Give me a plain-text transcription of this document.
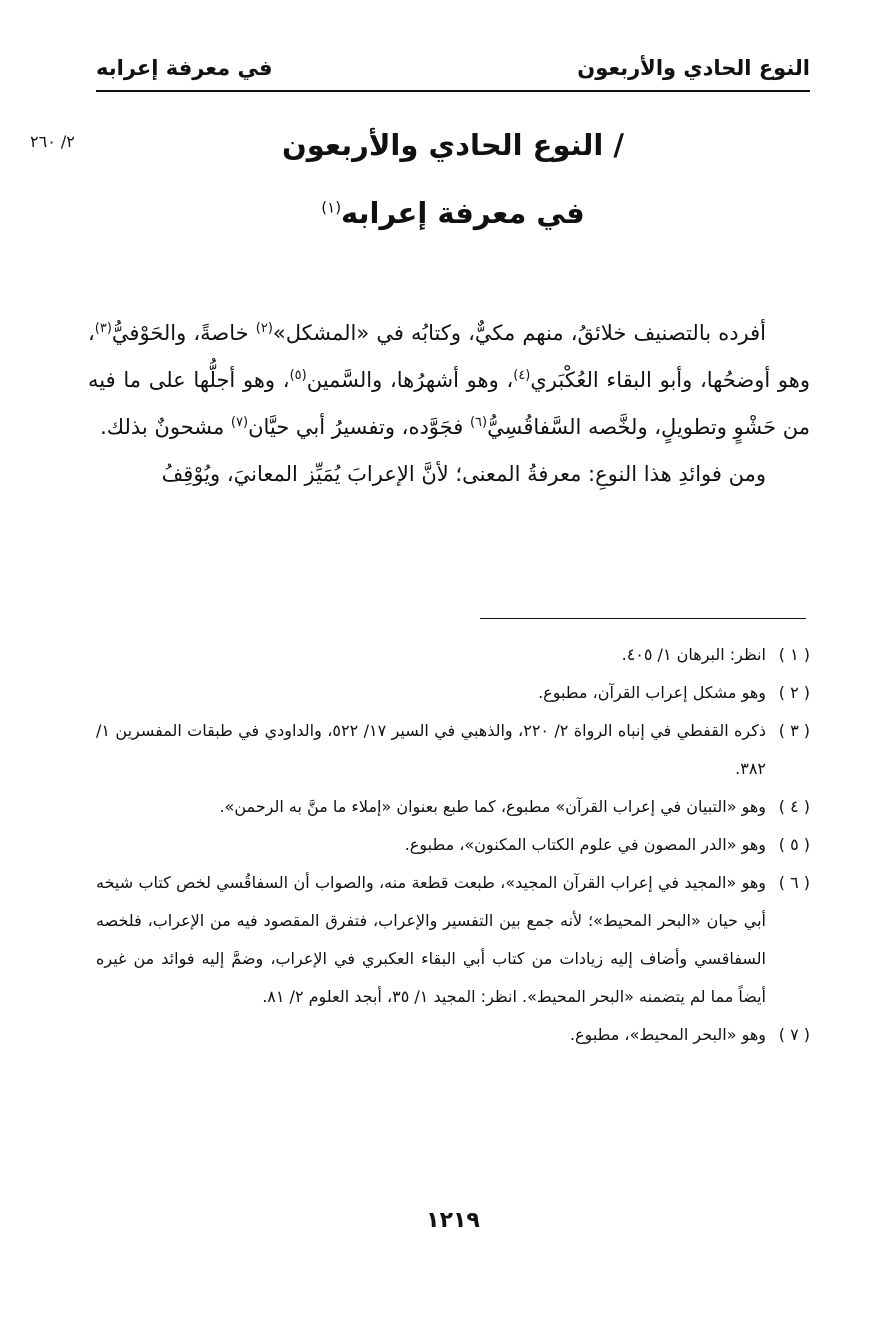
النوع الحادي والأربعون
في معرفة إعرابه
٢/ ٢٦٠	/ النوع الحادي والأربعون
في معرفة إعرابه$^{(١)}$

أفرده بالتصنيف خلائقُ، منهم مكيٌّ، وكتابُه في «المشكل»$^{(٢)}$ خاصةً، والحَوْفيُّ$^{(٣)}$، وهو أوضحُها، وأبو البقاء العُكْبَري$^{(٤)}$، وهو أشهرُها، والسَّمين$^{(٥)}$، وهو أجلُّها على ما فيه من حَشْوٍ وتطويلٍ، ولخَّصه السَّفاقُسِيُّ$^{(٦)}$ فجَوَّده، وتفسيرُ أبي حيَّان$^{(٧)}$ مشحونٌ بذلك.

ومن فوائدِ هذا النوعِ: معرفةُ المعنى؛ لأنَّ الإعرابَ يُمَيِّز المعانيَ، ويُوْقِفُ

( ١ )
انظر: البرهان ١/ ٤٠٥.
( ٢ )
وهو مشكل إعراب القرآن، مطبوع.
( ٣ )
ذكره القفطي في إنباه الرواة ٢/ ٢٢٠، والذهبي في السير ١٧/ ٥٢٢، والداودي في طبقات المفسرين ١/ ٣٨٢.
( ٤ )
وهو «التبيان في إعراب القرآن» مطبوع، كما طبع بعنوان «إملاء ما منَّ به الرحمن».
( ٥ )
وهو «الدر المصون في علوم الكتاب المكنون»، مطبوع.
( ٦ )
وهو «المجيد في إعراب القرآن المجيد»، طبعت قطعة منه، والصواب أن السفاقُسي لخص كتاب شيخه أبي حيان «البحر المحيط»؛ لأنه جمع بين التفسير والإعراب، فتفرق المقصود فيه من الإعراب، فلخصه السفاقسي وأضاف إليه زيادات من كتاب أبي البقاء العكبري في الإعراب، وضمَّ إليه فوائد من غيره أيضاً مما لم يتضمنه «البحر المحيط». انظر: المجيد ١/ ٣٥، أبجد العلوم ٢/ ٨١.
( ٧ )
وهو «البحر المحيط»، مطبوع.
١٢١٩
